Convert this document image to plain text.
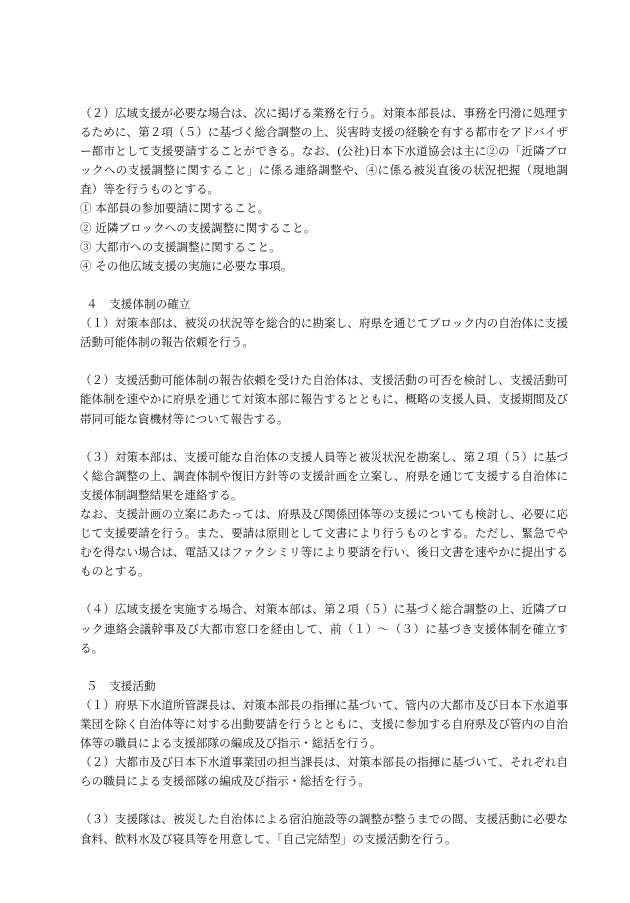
（２）広域支援が必要な場合は、次に掲げる業務を行う。対策本部長は、事務を円滑に処理するために、第２項（５）に基づく総合調整の上、災害時支援の経験を有する都市をアドバイザー都市として支援要請することができる。なお、(公社)日本下水道協会は主に②の「近隣ブロックへの支援調整に関すること」に係る連絡調整や、④に係る被災直後の状況把握（現地調査）等を行うものとする。

① 本部員の参加要請に関すること。

② 近隣ブロックへの支援調整に関すること。

③ 大都市への支援調整に関すること。

④ その他広域支援の実施に必要な事項。

４　支援体制の確立

（１）対策本部は、被災の状況等を総合的に勘案し、府県を通じてブロック内の自治体に支援活動可能体制の報告依頼を行う。

（２）支援活動可能体制の報告依頼を受けた自治体は、支援活動の可否を検討し、支援活動可能体制を速やかに府県を通じて対策本部に報告するとともに、概略の支援人員、支援期間及び帯同可能な資機材等について報告する。

（３）対策本部は、支援可能な自治体の支援人員等と被災状況を勘案し、第２項（５）に基づく総合調整の上、調査体制や復旧方針等の支援計画を立案し、府県を通じて支援する自治体に支援体制調整結果を連絡する。

なお、支援計画の立案にあたっては、府県及び関係団体等の支援についても検討し、必要に応じて支援要請を行う。また、要請は原則として文書により行うものとする。ただし、緊急でやむを得ない場合は、電話又はファクシミリ等により要請を行い、後日文書を速やかに提出するものとする。

（４）広域支援を実施する場合、対策本部は、第２項（５）に基づく総合調整の上、近隣ブロック連絡会議幹事及び大都市窓口を経由して、前（１）～（３）に基づき支援体制を確立する。

５　支援活動

（１）府県下水道所管課長は、対策本部長の指揮に基づいて、管内の大都市及び日本下水道事業団を除く自治体等に対する出動要請を行うとともに、支援に参加する自府県及び管内の自治体等の職員による支援部隊の編成及び指示・総括を行う。

（２）大都市及び日本下水道事業団の担当課長は、対策本部長の指揮に基づいて、それぞれ自らの職員による支援部隊の編成及び指示・総括を行う。

（３）支援隊は、被災した自治体による宿泊施設等の調整が整うまでの間、支援活動に必要な食料、飲料水及び寝具等を用意して、「自己完結型」の支援活動を行う。
